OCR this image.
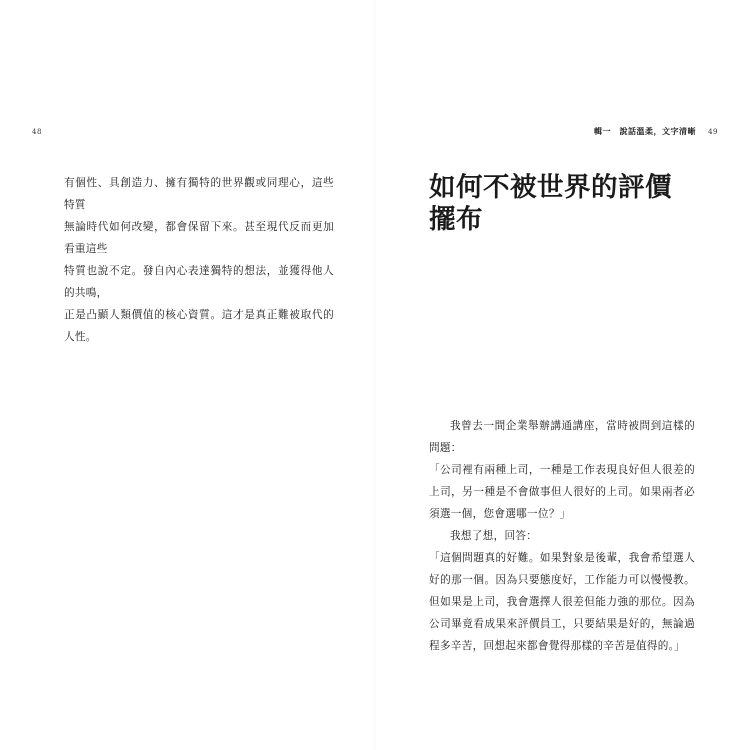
48

有個性、具創造力、擁有獨特的世界觀或同理心，這些特質

無論時代如何改變，都會保留下來。甚至現代反而更加看重這些

特質也說不定。發自內心表達獨特的想法，並獲得他人的共鳴，

正是凸顯人類價值的核心資質。這才是真正難被取代的人性。

輯一　說話溫柔，文字清晰 49
如何不被世界的評價
擺布

我曾去一間企業舉辦講通講座，當時被問到這樣的問題：

「公司裡有兩種上司，一種是工作表現良好但人很差的上司，另一種是不會做事但人很好的上司。如果兩者必須選一個，您會選哪一位？」

我想了想，回答：

「這個問題真的好難。如果對象是後輩，我會希望選人好的那一個。因為只要態度好，工作能力可以慢慢教。但如果是上司，我會選擇人很差但能力強的那位。因為公司畢竟看成果來評價員工，只要結果是好的，無論過程多辛苦，回想起來都會覺得那樣的辛苦是值得的。」
